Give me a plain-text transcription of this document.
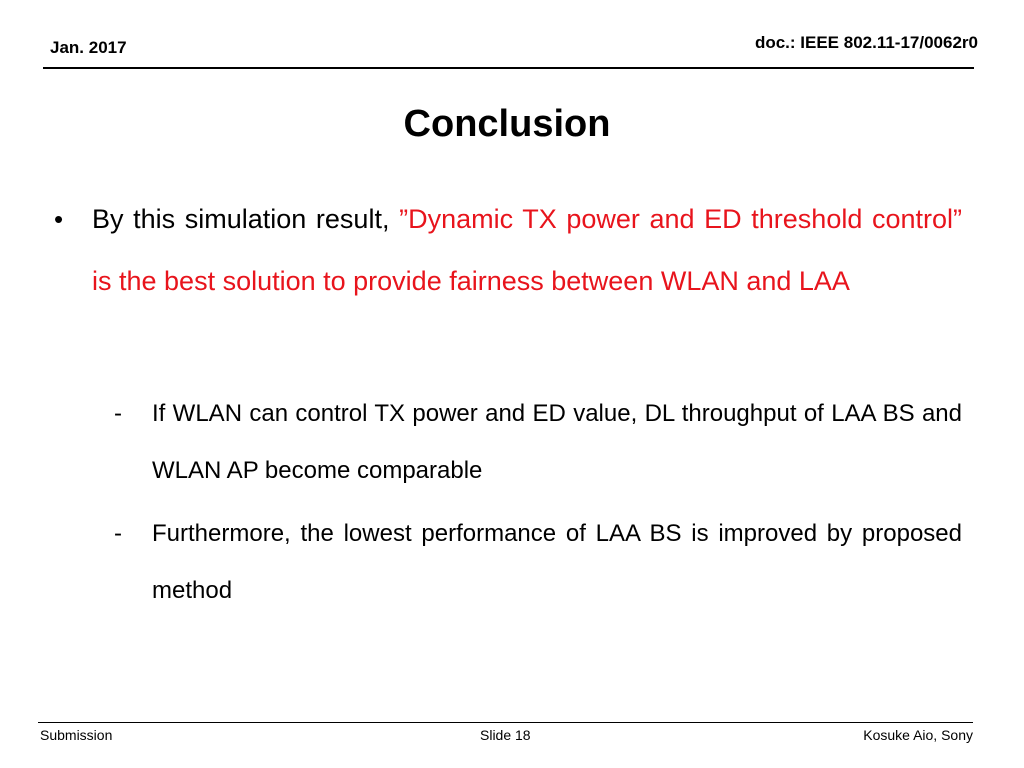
Jan. 2017	doc.: IEEE 802.11-17/0062r0
Conclusion
• By this simulation result, ”Dynamic TX power and ED threshold control” is the best solution to provide fairness between WLAN and LAA
- If WLAN can control TX power and ED value, DL throughput of LAA BS and WLAN AP become comparable
- Furthermore, the lowest performance of LAA BS is improved by proposed method
Submission	Slide 18	Kosuke Aio, Sony
